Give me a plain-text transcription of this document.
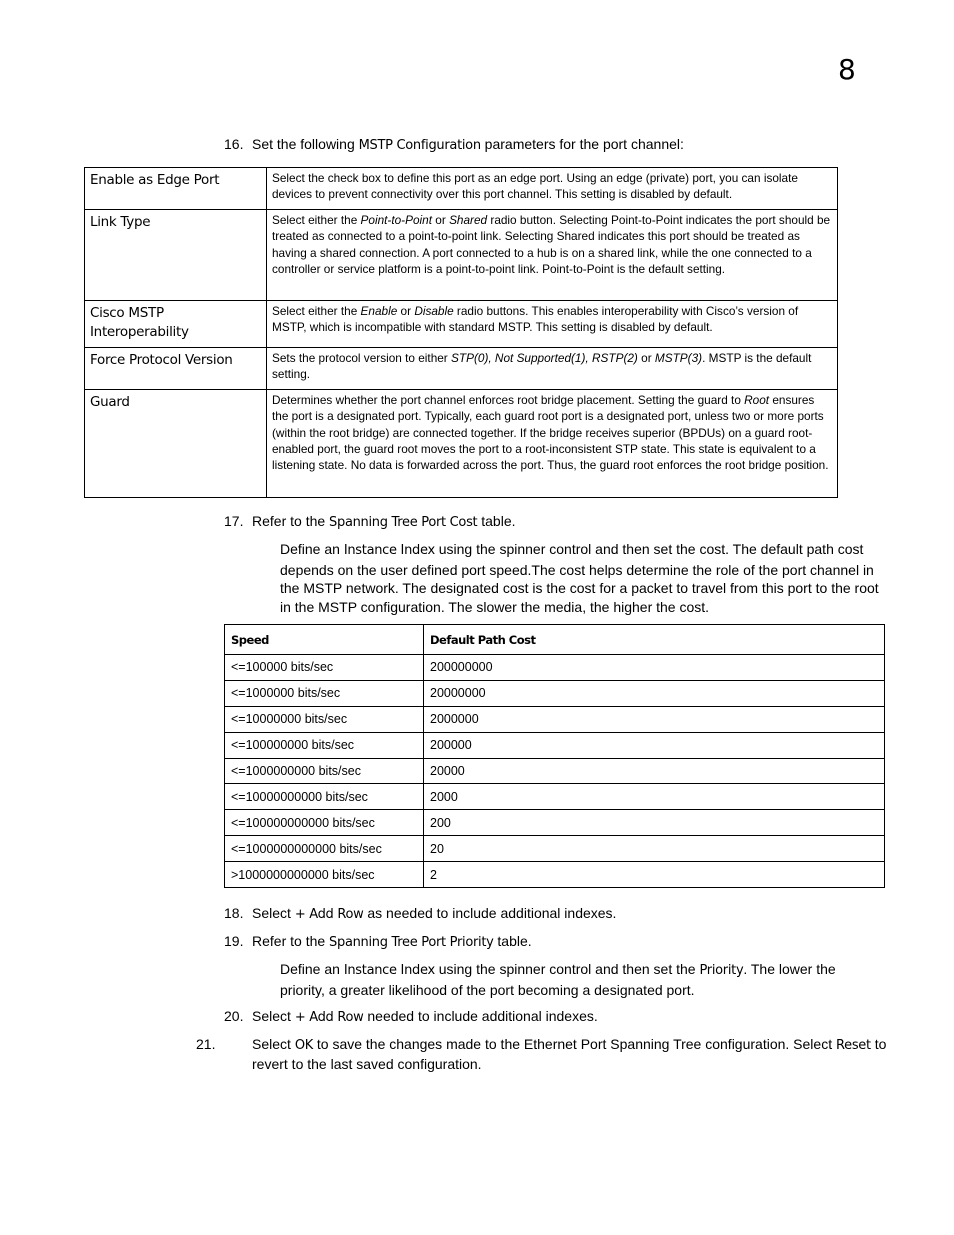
8
16. Set the following MSTP Configuration parameters for the port channel:
Enable as Edge Port	Select the check box to define this port as an edge port. Using an edge (private) port, you can isolate devices to prevent connectivity over this port channel. This setting is disabled by default.
Link Type	Select either the Point-to-Point or Shared radio button. Selecting Point-to-Point indicates the port should be treated as connected to a point-to-point link. Selecting Shared indicates this port should be treated as having a shared connection. A port connected to a hub is on a shared link, while the one connected to a controller or service platform is a point-to-point link. Point-to-Point is the default setting.
Cisco MSTP Interoperability	Select either the Enable or Disable radio buttons. This enables interoperability with Cisco’s version of MSTP, which is incompatible with standard MSTP. This setting is disabled by default.
Force Protocol Version	Sets the protocol version to either STP(0), Not Supported(1), RSTP(2) or MSTP(3). MSTP is the default setting.
Guard	Determines whether the port channel enforces root bridge placement. Setting the guard to Root ensures the port is a designated port. Typically, each guard root port is a designated port, unless two or more ports (within the root bridge) are connected together. If the bridge receives superior (BPDUs) on a guard root-enabled port, the guard root moves the port to a root-inconsistent STP state. This state is equivalent to a listening state. No data is forwarded across the port. Thus, the guard root enforces the root bridge position.
17. Refer to the Spanning Tree Port Cost table.
Define an Instance Index using the spinner control and then set the cost. The default path cost depends on the user defined port speed.The cost helps determine the role of the port channel in the MSTP network. The designated cost is the cost for a packet to travel from this port to the root in the MSTP configuration. The slower the media, the higher the cost.
Speed	Default Path Cost
<=100000 bits/sec	200000000
<=1000000 bits/sec	20000000
<=10000000 bits/sec	2000000
<=100000000 bits/sec	200000
<=1000000000 bits/sec	20000
<=10000000000 bits/sec	2000
<=100000000000 bits/sec	200
<=1000000000000 bits/sec	20
>1000000000000 bits/sec	2
18. Select + Add Row as needed to include additional indexes.
19. Refer to the Spanning Tree Port Priority table.
Define an Instance Index using the spinner control and then set the Priority. The lower the priority, a greater likelihood of the port becoming a designated port.
20. Select + Add Row needed to include additional indexes.
21.	Select OK to save the changes made to the Ethernet Port Spanning Tree configuration. Select Reset to revert to the last saved configuration.
